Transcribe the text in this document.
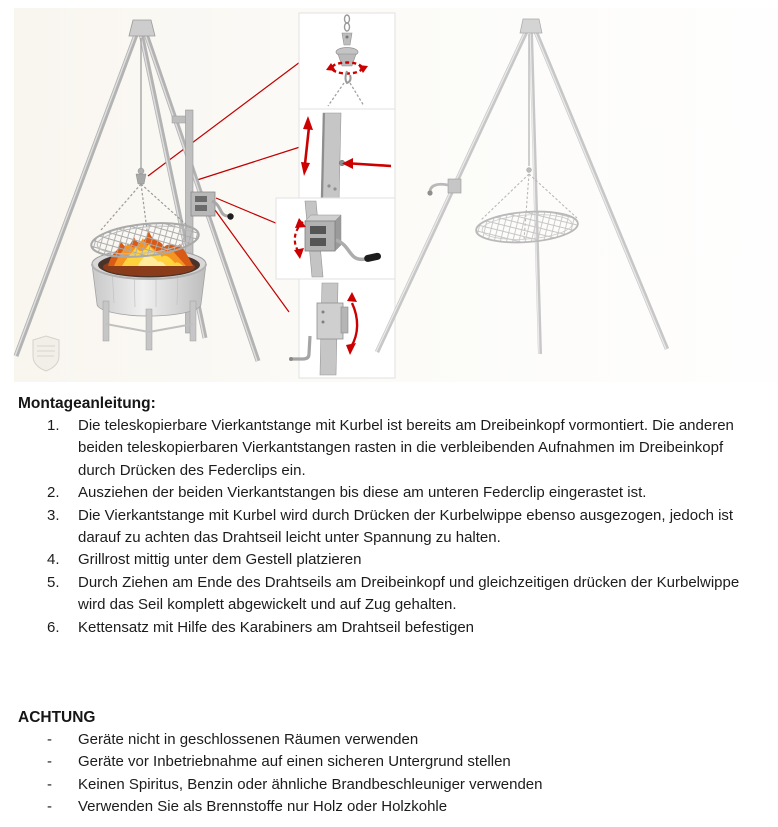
Montageanleitung:
Die teleskopierbare Vierkantstange mit Kurbel ist bereits am Dreibeinkopf vormontiert. Die anderen beiden teleskopierbaren Vierkantstangen rasten in die verbleibenden Aufnahmen im Dreibeinkopf durch Drücken des Federclips ein.
Ausziehen der beiden Vierkantstangen bis diese am unteren Federclip eingerastet ist.
Die Vierkantstange mit Kurbel wird durch Drücken der Kurbelwippe ebenso ausgezogen, jedoch ist darauf zu achten das Drahtseil leicht unter Spannung zu halten.
Grillrost mittig unter dem Gestell platzieren
Durch Ziehen am Ende des Drahtseils am Dreibeinkopf und gleichzeitigen drücken der Kurbelwippe wird das Seil komplett abgewickelt und auf Zug gehalten.
Kettensatz mit Hilfe des Karabiners am Drahtseil befestigen
ACHTUNG
- Geräte nicht in geschlossenen Räumen verwenden
- Geräte vor Inbetriebnahme auf einen sicheren Untergrund stellen
- Keinen Spiritus, Benzin oder ähnliche Brandbeschleuniger verwenden
- Verwenden Sie als Brennstoffe nur Holz oder Holzkohle
